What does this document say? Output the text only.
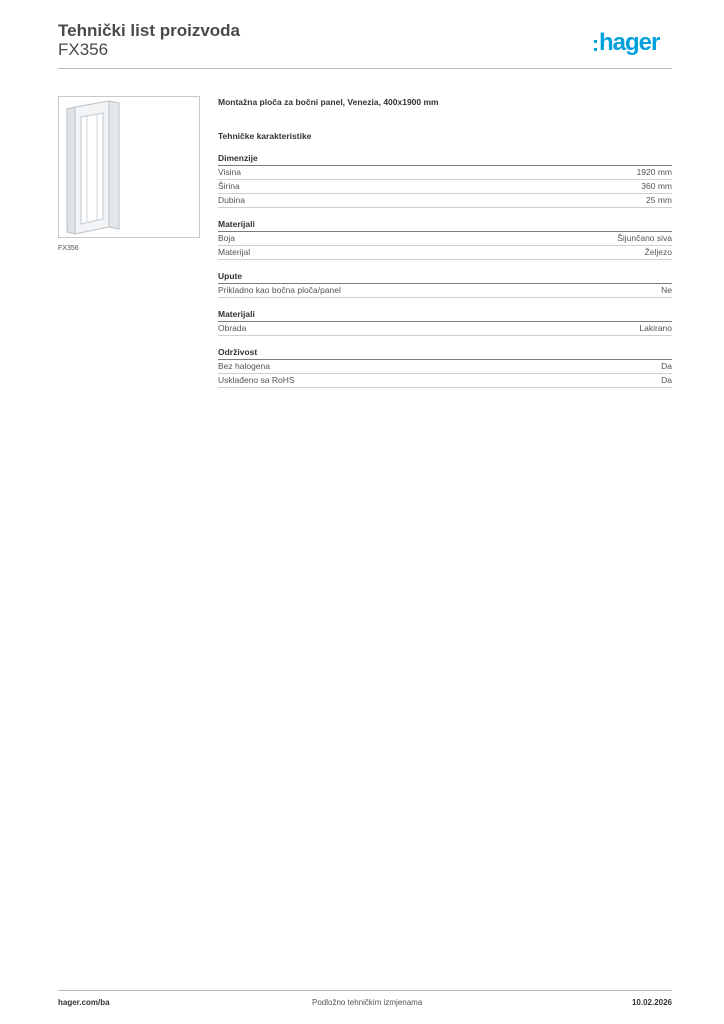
Tehnički list proizvoda
FX356	hager
FX356
Montažna ploča za bočni panel, Venezia, 400x1900 mm
Tehničke karakteristike
Dimenzije
Visina	1920 mm
Širina	360 mm
Dubina	25 mm
Materijali
Boja	Šijunčano siva
Materijal	Željezo
Upute
Prikladno kao bočna ploča/panel	Ne
Materijali
Obrada	Lakirano
Održivost
Bez halogena	Da
Usklađeno sa RoHS	Da
hager.com/ba	Podložno tehničkim izmjenama	10.02.2026
